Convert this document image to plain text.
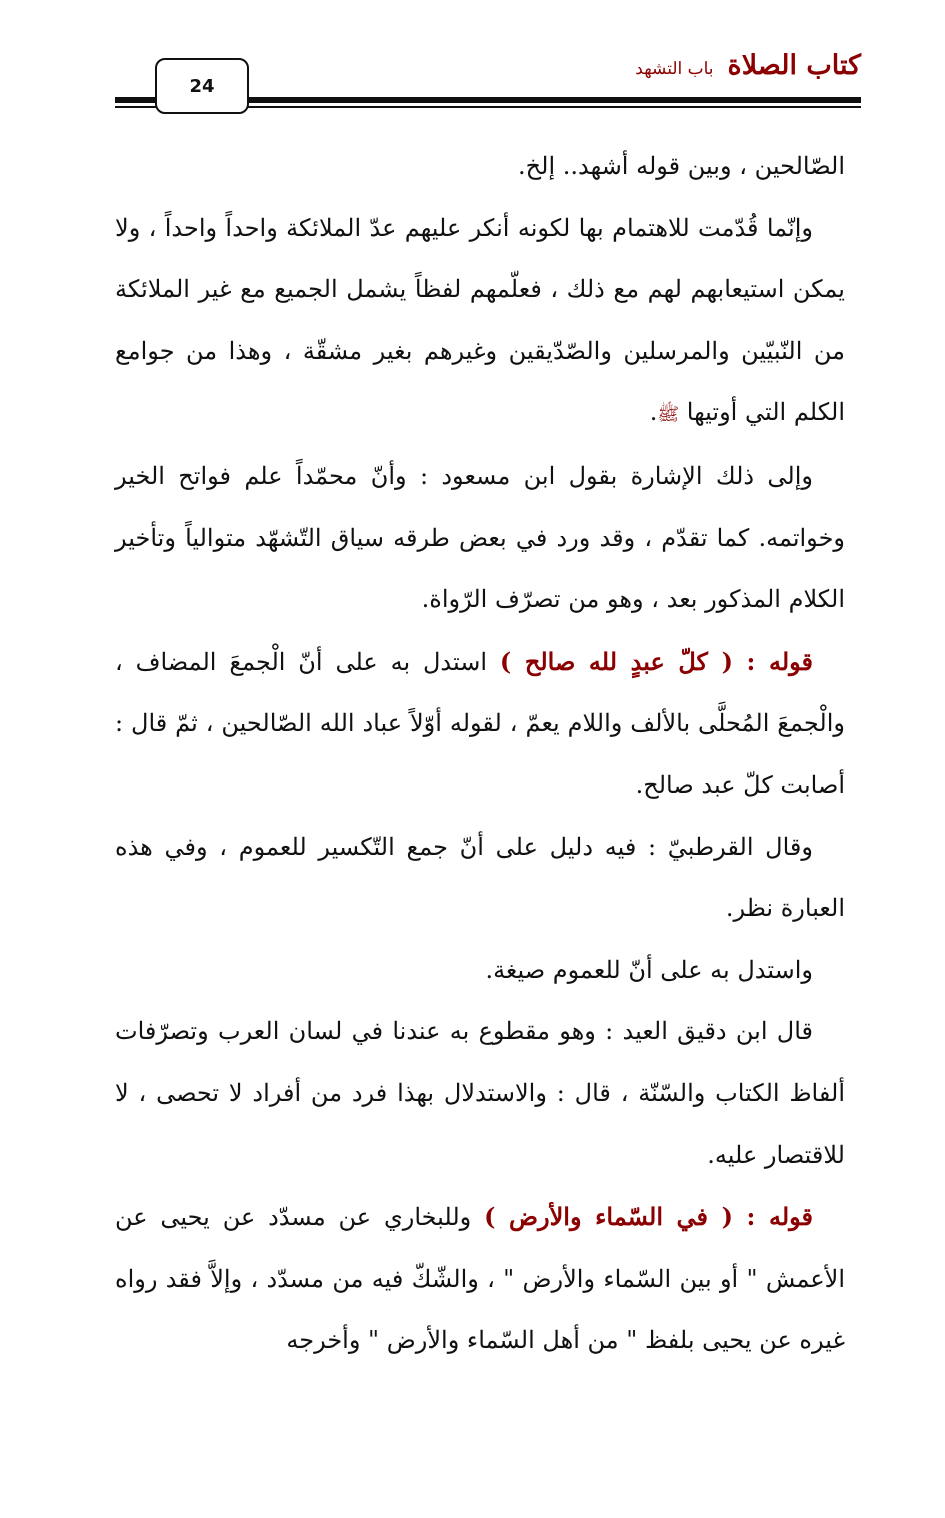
24
كتاب الصلاة
باب التشهد

الصّالحين ، وبين قوله أشهد.. إلخ.

وإنّما قُدّمت للاهتمام بها لكونه أنكر عليهم عدّ الملائكة واحداً واحداً ، ولا يمكن استيعابهم لهم مع ذلك ، فعلّمهم لفظاً يشمل الجميع مع غير الملائكة من النّبيّين والمرسلين والصّدّيقين وغيرهم بغير مشقّة ، وهذا من جوامع الكلم التي أوتيها ﷺ.

وإلى ذلك الإشارة بقول ابن مسعود : وأنّ محمّداً علم فواتح الخير وخواتمه. كما تقدّم ، وقد ورد في بعض طرقه سياق التّشهّد متوالياً وتأخير الكلام المذكور بعد ، وهو من تصرّف الرّواة.

قوله : ( كلّ عبدٍ لله صالح ) استدل به على أنّ الْجمعَ المضاف ، والْجمعَ المُحلَّى بالألف واللام يعمّ ، لقوله أوّلاً عباد الله الصّالحين ، ثمّ قال : أصابت كلّ عبد صالح.

وقال القرطبيّ : فيه دليل على أنّ جمع التّكسير للعموم ، وفي هذه العبارة نظر.

واستدل به على أنّ للعموم صيغة.

قال ابن دقيق العيد : وهو مقطوع به عندنا في لسان العرب وتصرّفات ألفاظ الكتاب والسّنّة ، قال : والاستدلال بهذا فرد من أفراد لا تحصى ، لا للاقتصار عليه.

قوله : ( في السّماء والأرض ) وللبخاري عن مسدّد عن يحيى عن الأعمش " أو بين السّماء والأرض " ، والشّكّ فيه من مسدّد ، وإلاَّ فقد رواه غيره عن يحيى بلفظ " من أهل السّماء والأرض " وأخرجه
